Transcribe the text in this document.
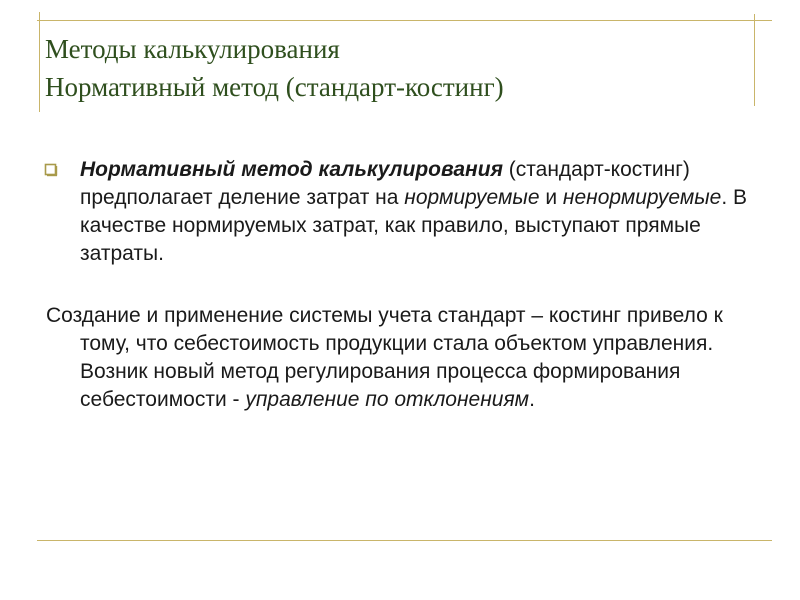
Методы калькулирования
Нормативный метод (стандарт-костинг)
Нормативный метод калькулирования (стандарт-костинг) предполагает деление затрат на нормируемые и ненормируемые. В качестве нормируемых затрат, как правило, выступают прямые затраты.
Создание и применение системы учета стандарт – костинг привело к тому, что себестоимость продукции стала объектом управления. Возник новый метод регулирования процесса формирования себестоимости - управление по отклонениям.
